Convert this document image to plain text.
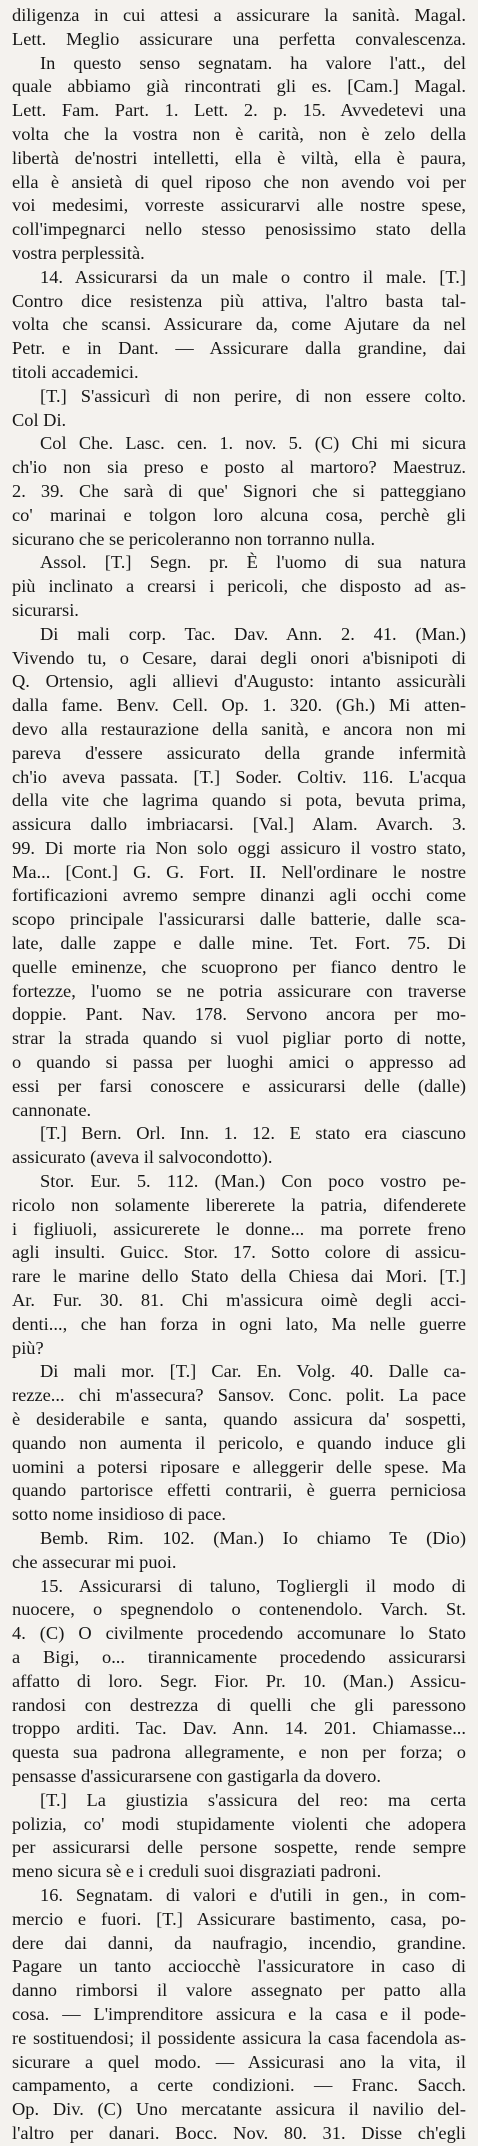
diligenza in cui attesi a assicurare la sanità. Magal.
Lett. Meglio assicurare una perfetta convalescenza.
In questo senso segnatam. ha valore l'att., del
quale abbiamo già rincontrati gli es. [Cam.] Magal.
Lett. Fam. Part. 1. Lett. 2. p. 15. Avvedetevi una
volta che la vostra non è carità, non è zelo della
libertà de'nostri intelletti, ella è viltà, ella è paura,
ella è ansietà di quel riposo che non avendo voi per
voi medesimi, vorreste assicurarvi alle nostre spese,
coll'impegnarci nello stesso penosissimo stato della
vostra perplessità.
14. Assicurarsi da un male o contro il male. [T.]
Contro dice resistenza più attiva, l'altro basta tal-
volta che scansi. Assicurare da, come Ajutare da nel
Petr. e in Dant. — Assicurare dalla grandine, dai
titoli accademici.
[T.] S'assicurì di non perire, di non essere colto.
Col Di.
Col Che. Lasc. cen. 1. nov. 5. (C) Chi mi sicura
ch'io non sia preso e posto al martoro? Maestruz.
2. 39. Che sarà di que' Signori che si patteggiano
co' marinai e tolgon loro alcuna cosa, perchè gli
sicurano che se pericoleranno non torranno nulla.
Assol. [T.] Segn. pr. È l'uomo di sua natura
più inclinato a crearsi i pericoli, che disposto ad as-
sicurarsi.
Di mali corp. Tac. Dav. Ann. 2. 41. (Man.)
Vivendo tu, o Cesare, darai degli onori a'bisnipoti di
Q. Ortensio, agli allievi d'Augusto: intanto assicuràli
dalla fame. Benv. Cell. Op. 1. 320. (Gh.) Mi atten-
devo alla restaurazione della sanità, e ancora non mi
pareva d'essere assicurato della grande infermità
ch'io aveva passata. [T.] Soder. Coltiv. 116. L'acqua
della vite che lagrima quando si pota, bevuta prima,
assicura dallo imbriacarsi. [Val.] Alam. Avarch. 3.
99. Di morte ria Non solo oggi assicuro il vostro stato,
Ma... [Cont.] G. G. Fort. II. Nell'ordinare le nostre
fortificazioni avremo sempre dinanzi agli occhi come
scopo principale l'assicurarsi dalle batterie, dalle sca-
late, dalle zappe e dalle mine. Tet. Fort. 75. Di
quelle eminenze, che scuoprono per fianco dentro le
fortezze, l'uomo se ne potria assicurare con traverse
doppie. Pant. Nav. 178. Servono ancora per mo-
strar la strada quando si vuol pigliar porto di notte,
o quando si passa per luoghi amici o appresso ad
essi per farsi conoscere e assicurarsi delle (dalle)
cannonate.
[T.] Bern. Orl. Inn. 1. 12. E stato era ciascuno
assicurato (aveva il salvocondotto).
Stor. Eur. 5. 112. (Man.) Con poco vostro pe-
ricolo non solamente libererete la patria, difenderete
i figliuoli, assicurerete le donne... ma porrete freno
agli insulti. Guicc. Stor. 17. Sotto colore di assicu-
rare le marine dello Stato della Chiesa dai Mori. [T.]
Ar. Fur. 30. 81. Chi m'assicura oimè degli acci-
denti..., che han forza in ogni lato, Ma nelle guerre
più?
Di mali mor. [T.] Car. En. Volg. 40. Dalle ca-
rezze... chi m'assecura? Sansov. Conc. polit. La pace
è desiderabile e santa, quando assicura da' sospetti,
quando non aumenta il pericolo, e quando induce gli
uomini a potersi riposare e alleggerir delle spese. Ma
quando partorisce effetti contrarii, è guerra perniciosa
sotto nome insidioso di pace.
Bemb. Rim. 102. (Man.) Io chiamo Te (Dio)
che assecurar mi puoi.
15. Assicurarsi di taluno, Togliergli il modo di
nuocere, o spegnendolo o contenendolo. Varch. St.
4. (C) O civilmente procedendo accomunare lo Stato
a Bigi, o... tirannicamente procedendo assicurarsi
affatto di loro. Segr. Fior. Pr. 10. (Man.) Assicu-
randosi con destrezza di quelli che gli paressono
troppo arditi. Tac. Dav. Ann. 14. 201. Chiamasse...
questa sua padrona allegramente, e non per forza; o
pensasse d'assicurarsene con gastigarla da dovero.
[T.] La giustizia s'assicura del reo: ma certa
polizia, co' modi stupidamente violenti che adopera
per assicurarsi delle persone sospette, rende sempre
meno sicura sè e i creduli suoi disgraziati padroni.
16. Segnatam. di valori e d'utili in gen., in com-
mercio e fuori. [T.] Assicurare bastimento, casa, po-
dere dai danni, da naufragio, incendio, grandine.
Pagare un tanto acciocchè l'assicuratore in caso di
danno rimborsi il valore assegnato per patto alla
cosa. — L'imprenditore assicura e la casa e il pode-
re sostituendosi; il possidente assicura la casa facendola as-
sicurare a quel modo. — Assicurasi ano la vita, il
campamento, a certe condizioni. — Franc. Sacch.
Op. Div. (C) Uno mercatante assicura il navilio del-
l'altro per danari. Bocc. Nov. 80. 31. Disse ch'egli
